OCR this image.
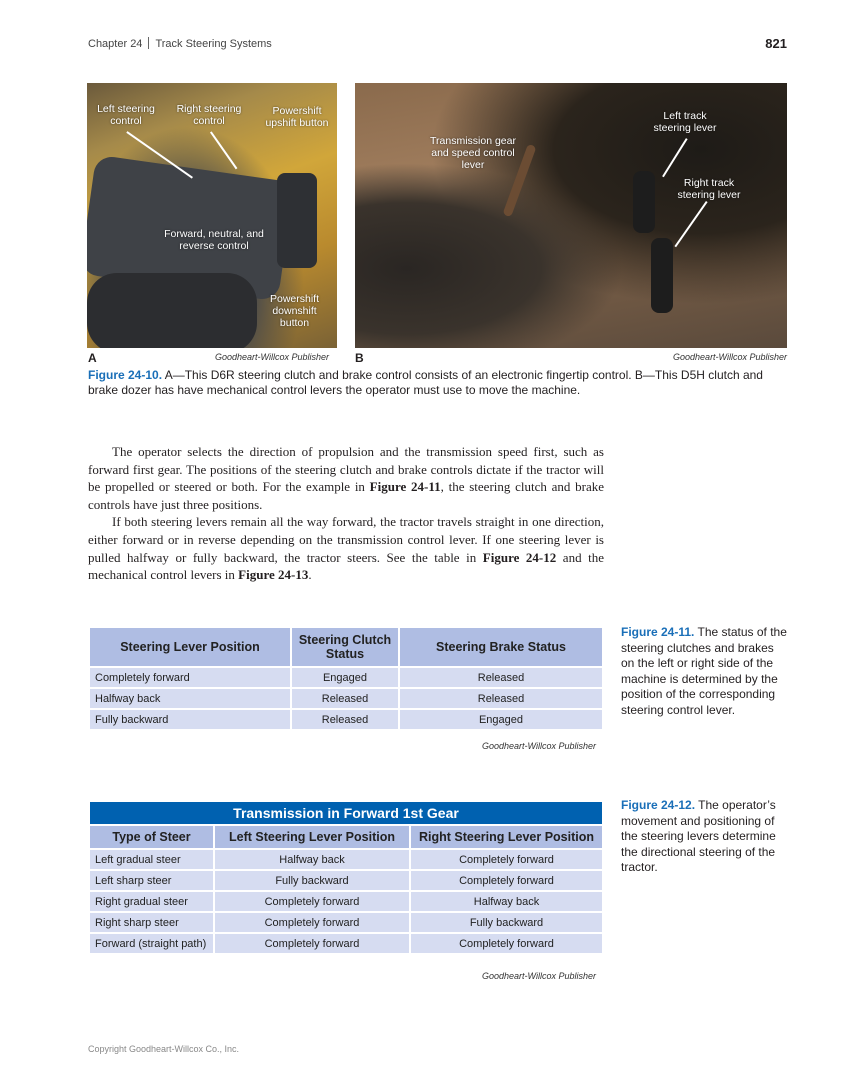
Chapter 24 Track Steering Systems	821
Left steering control
Right steering control
Powershift upshift button
Forward, neutral, and reverse control
Powershift downshift button
A	Goodheart-Willcox Publisher
Transmission gear and speed control lever
Left track steering lever
Right track steering lever
B	Goodheart-Willcox Publisher
Figure 24-10. A—This D6R steering clutch and brake control consists of an electronic fingertip control. B—This D5H clutch and brake dozer has have mechanical control levers the operator must use to move the machine.

The operator selects the direction of propulsion and the transmission speed first, such as forward first gear. The positions of the steering clutch and brake controls dictate if the tractor will be propelled or steered or both. For the example in Figure 24-11, the steering clutch and brake controls have just three positions.

If both steering levers remain all the way forward, the tractor travels straight in one direction, either forward or in reverse depending on the transmission control lever. If one steering lever is pulled halfway or fully backward, the tractor steers. See the table in Figure 24-12 and the mechanical control levers in Figure 24-13.

Steering Lever Position	Steering Clutch Status	Steering Brake Status
Completely forward	Engaged	Released
Halfway back	Released	Released
Fully backward	Released	Engaged
Goodheart-Willcox Publisher
Figure 24-11. The status of the steering clutches and brakes on the left or right side of the machine is determined by the position of the corresponding steering control lever.
Transmission in Forward 1st Gear		
Type of Steer	Left Steering Lever Position	Right Steering Lever Position
Left gradual steer	Halfway back	Completely forward
Left sharp steer	Fully backward	Completely forward
Right gradual steer	Completely forward	Halfway back
Right sharp steer	Completely forward	Fully backward
Forward (straight path)	Completely forward	Completely forward
Goodheart-Willcox Publisher
Figure 24-12. The operator’s movement and positioning of the steering levers determine the directional steering of the tractor.
Copyright Goodheart-Willcox Co., Inc.
